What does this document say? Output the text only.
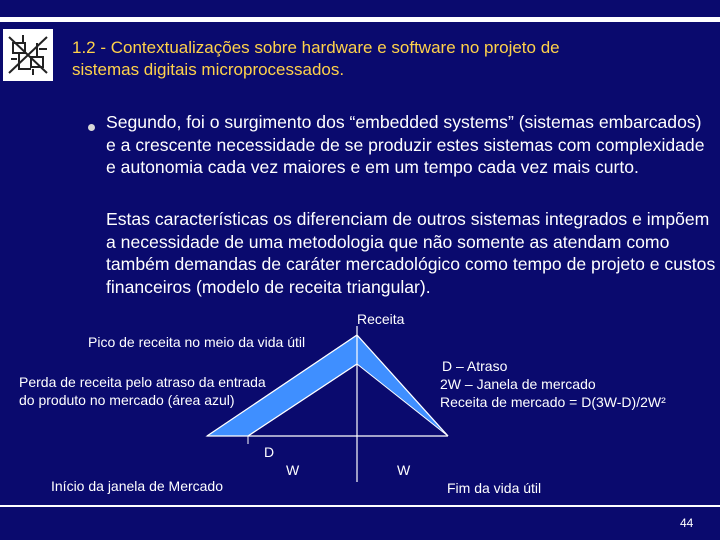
1.2 - Contextualizações sobre hardware e software no projeto de
sistemas digitais microprocessados.
Segundo, foi o surgimento dos “embedded systems” (sistemas embarcados) e a crescente necessidade de se produzir estes sistemas com complexidade e autonomia cada vez maiores e em um tempo cada vez mais curto.
Estas características os diferenciam de outros sistemas integrados e impõem a necessidade de uma metodologia que não somente as atendam como também demandas de caráter mercadológico como tempo de projeto e custos financeiros (modelo de receita triangular).
Receita
Pico de receita no meio da vida útil
Perda de receita pelo atraso da entrada
do produto no mercado (área azul)
D – Atraso
2W – Janela de mercado
Receita de mercado = D(3W-D)/2W²
D
W	W
Início da janela de Mercado	Fim da vida útil
44
